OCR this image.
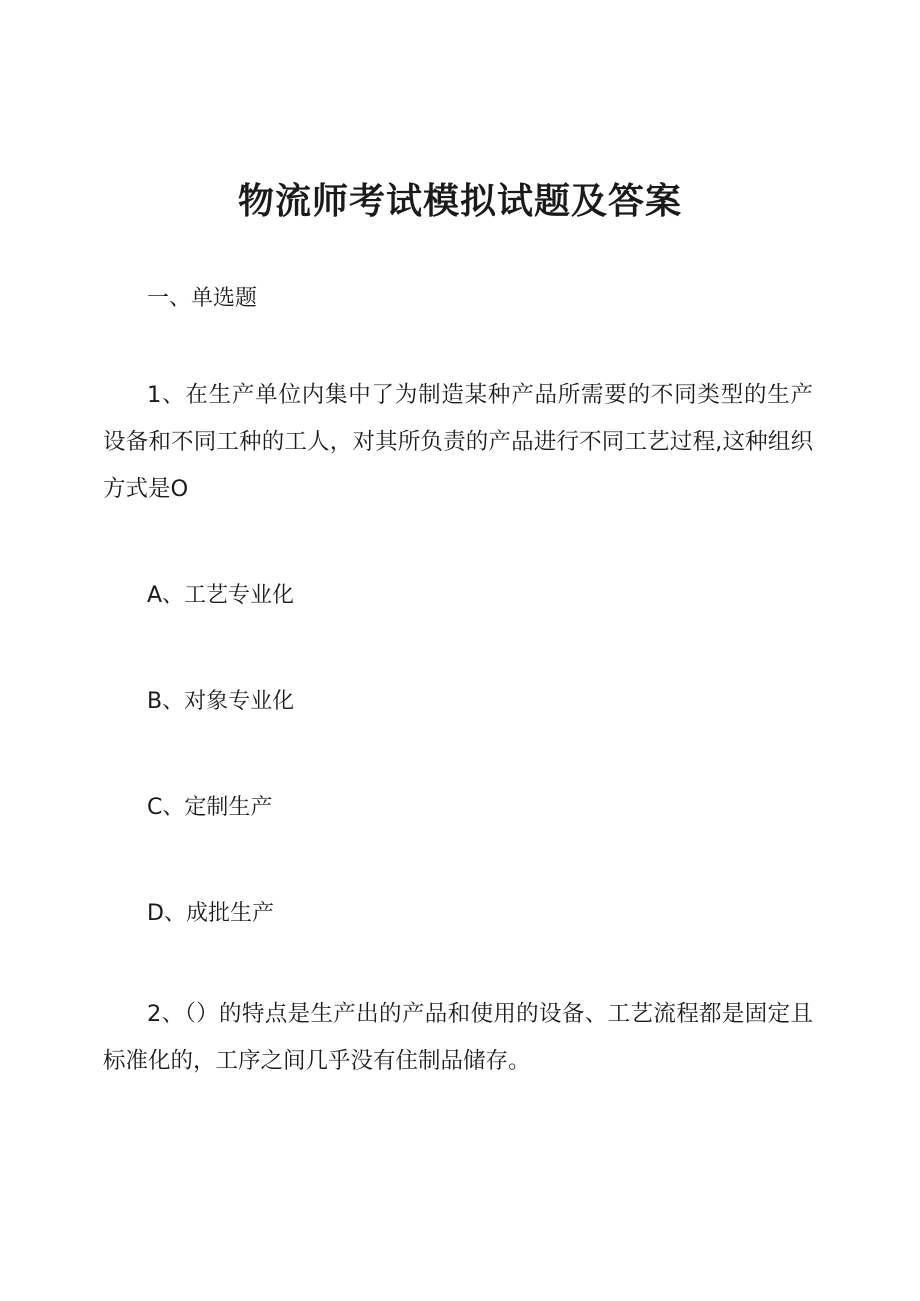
物流师考试模拟试题及答案
一、单选题
1、在生产单位内集中了为制造某种产品所需要的不同类型的生产设备和不同工种的工人，对其所负责的产品进行不同工艺过程,这种组织方式是O
A、工艺专业化
B、对象专业化
C、定制生产
D、成批生产
2、（）的特点是生产出的产品和使用的设备、工艺流程都是固定且标准化的，工序之间几乎没有住制品储存。
